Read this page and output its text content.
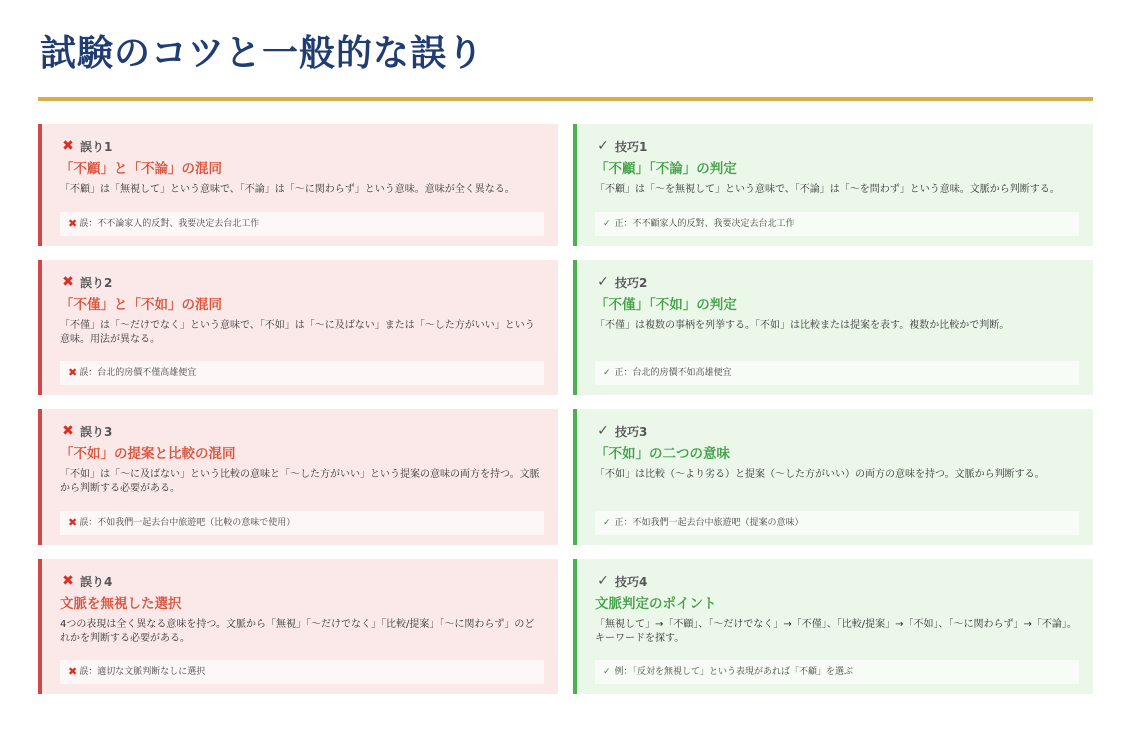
試験のコツと一般的な誤り
✖ 誤り1
「不顧」と「不論」の混同
「不顧」は「無視して」という意味で、「不論」は「〜に関わらず」という意味。意味が全く異なる。
✖ 誤：不不論家人的反對、我要决定去台北工作
✓ 技巧1
「不顧」「不論」の判定
「不顧」は「〜を無視して」という意味で、「不論」は「〜を問わず」という意味。文脈から判断する。
✓ 正：不不顧家人的反對、我要决定去台北工作
✖ 誤り2
「不僅」と「不如」の混同
「不僅」は「〜だけでなく」という意味で、「不如」は「〜に及ばない」または「〜した方がいい」という意味。用法が異なる。
✖ 誤：台北的房價不僅高雄便宜
✓ 技巧2
「不僅」「不如」の判定
「不僅」は複数の事柄を列挙する。「不如」は比較または提案を表す。複数か比較かで判断。
✓ 正：台北的房價不如高雄便宜
✖ 誤り3
「不如」の提案と比較の混同
「不如」は「〜に及ばない」という比較の意味と「〜した方がいい」という提案の意味の両方を持つ。文脈から判断する必要がある。
✖ 誤：不如我們一起去台中旅遊吧（比較の意味で使用）
✓ 技巧3
「不如」の二つの意味
「不如」は比較（〜より劣る）と提案（〜した方がいい）の両方の意味を持つ。文脈から判断する。
✓ 正：不如我們一起去台中旅遊吧（提案の意味）
✖ 誤り4
文脈を無視した選択
4つの表現は全く異なる意味を持つ。文脈から「無視」「〜だけでなく」「比較/提案」「〜に関わらず」のどれかを判断する必要がある。
✖ 誤：適切な文脈判断なしに選択
✓ 技巧4
文脈判定のポイント
「無視して」→「不顧」、「〜だけでなく」→「不僅」、「比較/提案」→「不如」、「〜に関わらず」→「不論」。キーワードを探す。
✓ 例：「反対を無視して」という表現があれば「不顧」を選ぶ
